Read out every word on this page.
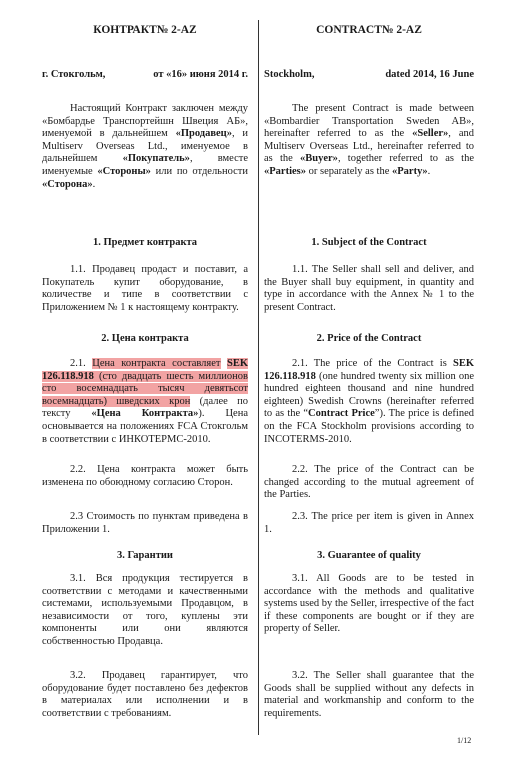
КОНТРАКТ№ 2-AZ
г. Стокгольм,	от «16» июня 2014 г.
Настоящий Контракт заключен между «Бомбардье Транспортейшн Швеция АБ», именуемой в дальнейшем «Продавец», и Multiserv Overseas Ltd., именуемое в дальнейшем «Покупатель», вместе именуемые «Стороны» или по отдельности «Сторона».
1. Предмет контракта
1.1. Продавец продаст и поставит, а Покупатель купит оборудование, в количестве и типе в соответствии с Приложением № 1 к настоящему контракту.
2. Цена контракта
2.1. Цена контракта составляет SEK 126.118.918 (сто двадцать шесть миллионов сто восемнадцать тысяч девятьсот восемнадцать) шведских крон (далее по тексту «Цена Контракта»). Цена основывается на положениях FCA Стокгольм в соответствии с ИНКОТЕРМС-2010.
2.2. Цена контракта может быть изменена по обоюдному согласию Сторон.
2.3 Стоимость по пунктам приведена в Приложении 1.
3. Гарантии
3.1. Вся продукция тестируется в соответствии с методами и качественными системами, используемыми Продавцом, в независимости от того, куплены эти компоненты или они являются собственностью Продавца.
3.2. Продавец гарантирует, что оборудование будет поставлено без дефектов в материалах или исполнении и в соответствии с требованиям.
CONTRACT№ 2-AZ
Stockholm,	dated 2014, 16 June
The present Contract is made between «Bombardier Transportation Sweden AB», hereinafter referred to as the «Seller», and Multiserv Overseas Ltd., hereinafter referred to as the «Buyer», together referred to as the «Parties» or separately as the «Party».
1. Subject of the Contract
1.1. The Seller shall sell and deliver, and the Buyer shall buy equipment, in quantity and type in accordance with the Annex № 1 to the present Contract.
2. Price of the Contract
2.1. The price of the Contract is SEK 126.118.918 (one hundred twenty six million one hundred eighteen thousand and nine hundred eighteen) Swedish Crowns (hereinafter referred to as the “Contract Price”). The price is defined on the FCA Stockholm provisions according to INCOTERMS-2010.
2.2. The price of the Contract can be changed according to the mutual agreement of the Parties.
2.3. The price per item is given in Annex 1.
3. Guarantee of quality
3.1. All Goods are to be tested in accordance with the methods and qualitative systems used by the Seller, irrespective of the fact if these components are bought or if they are property of Seller.
3.2. The Seller shall guarantee that the Goods shall be supplied without any defects in material and workmanship and conform to the requirements.
1/12
